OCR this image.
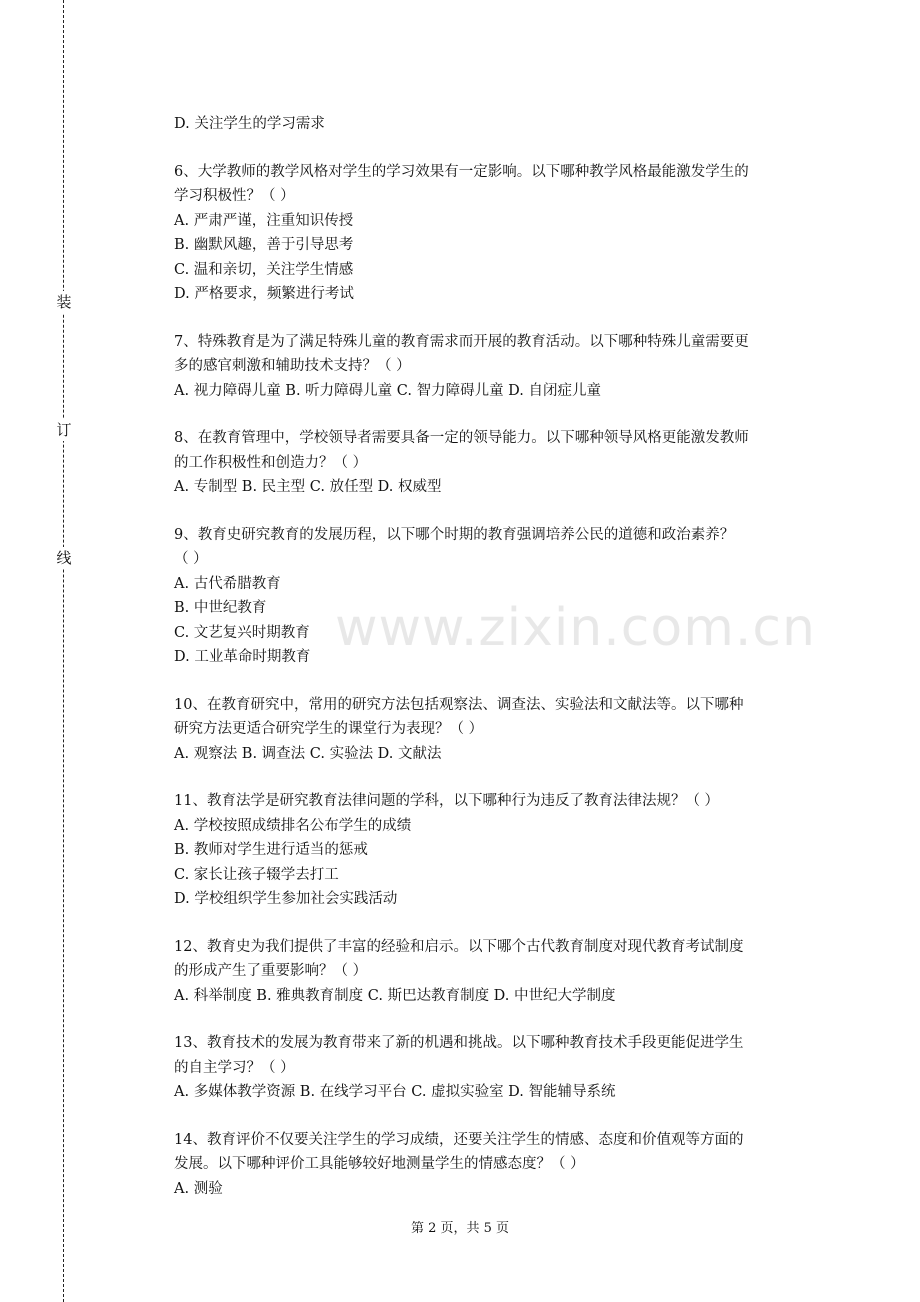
装
订
线
www.zixin.com.cn
D. 关注学生的学习需求
6、大学教师的教学风格对学生的学习效果有一定影响。以下哪种教学风格最能激发学生的
学习积极性？（ ）
A. 严肃严谨，注重知识传授
B. 幽默风趣，善于引导思考
C. 温和亲切，关注学生情感
D. 严格要求，频繁进行考试
7、特殊教育是为了满足特殊儿童的教育需求而开展的教育活动。以下哪种特殊儿童需要更
多的感官刺激和辅助技术支持？（ ）
A. 视力障碍儿童 B. 听力障碍儿童 C. 智力障碍儿童 D. 自闭症儿童
8、在教育管理中，学校领导者需要具备一定的领导能力。以下哪种领导风格更能激发教师
的工作积极性和创造力？（ ）
A. 专制型 B. 民主型 C. 放任型 D. 权威型
9、教育史研究教育的发展历程，以下哪个时期的教育强调培养公民的道德和政治素养？
（ ）
A. 古代希腊教育
B. 中世纪教育
C. 文艺复兴时期教育
D. 工业革命时期教育
10、在教育研究中，常用的研究方法包括观察法、调查法、实验法和文献法等。以下哪种
研究方法更适合研究学生的课堂行为表现？（ ）
A. 观察法 B. 调查法 C. 实验法 D. 文献法
11、教育法学是研究教育法律问题的学科，以下哪种行为违反了教育法律法规？（ ）
A. 学校按照成绩排名公布学生的成绩
B. 教师对学生进行适当的惩戒
C. 家长让孩子辍学去打工
D. 学校组织学生参加社会实践活动
12、教育史为我们提供了丰富的经验和启示。以下哪个古代教育制度对现代教育考试制度
的形成产生了重要影响？（ ）
A. 科举制度 B. 雅典教育制度 C. 斯巴达教育制度 D. 中世纪大学制度
13、教育技术的发展为教育带来了新的机遇和挑战。以下哪种教育技术手段更能促进学生
的自主学习？（ ）
A. 多媒体教学资源 B. 在线学习平台 C. 虚拟实验室 D. 智能辅导系统
14、教育评价不仅要关注学生的学习成绩，还要关注学生的情感、态度和价值观等方面的
发展。以下哪种评价工具能够较好地测量学生的情感态度？（ ）
A. 测验
第 2 页，共 5 页
